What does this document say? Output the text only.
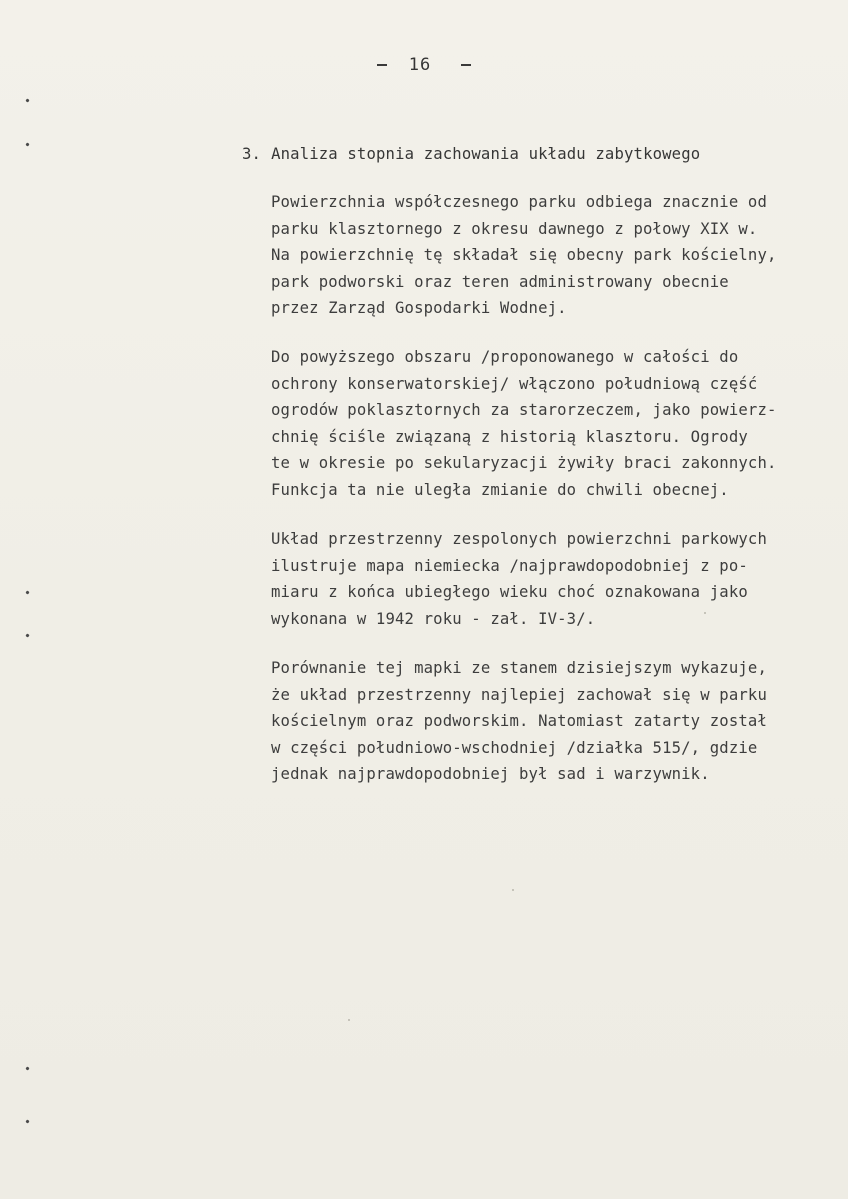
16
3. Analiza stopnia zachowania układu zabytkowego
Powierzchnia współczesnego parku odbiega znacznie od
parku klasztornego z okresu dawnego z połowy XIX w.
Na powierzchnię tę składał się obecny park kościelny,
park podworski oraz teren administrowany obecnie
przez Zarząd Gospodarki Wodnej.
Do powyższego obszaru /proponowanego w całości do
ochrony konserwatorskiej/ włączono południową część
ogrodów poklasztornych za starorzeczem, jako powierz-
chnię ściśle związaną z historią klasztoru. Ogrody
te w okresie po sekularyzacji żywiły braci zakonnych.
Funkcja ta nie uległa zmianie do chwili obecnej.
Układ przestrzenny zespolonych powierzchni parkowych
ilustruje mapa niemiecka /najprawdopodobniej z po-
miaru z końca ubiegłego wieku choć oznakowana jako
wykonana w 1942 roku - zał. IV-3/.
Porównanie tej mapki ze stanem dzisiejszym wykazuje,
że układ przestrzenny najlepiej zachował się w parku
kościelnym oraz podworskim. Natomiast zatarty został
w części południowo-wschodniej /działka 515/, gdzie
jednak najprawdopodobniej był sad i warzywnik.
